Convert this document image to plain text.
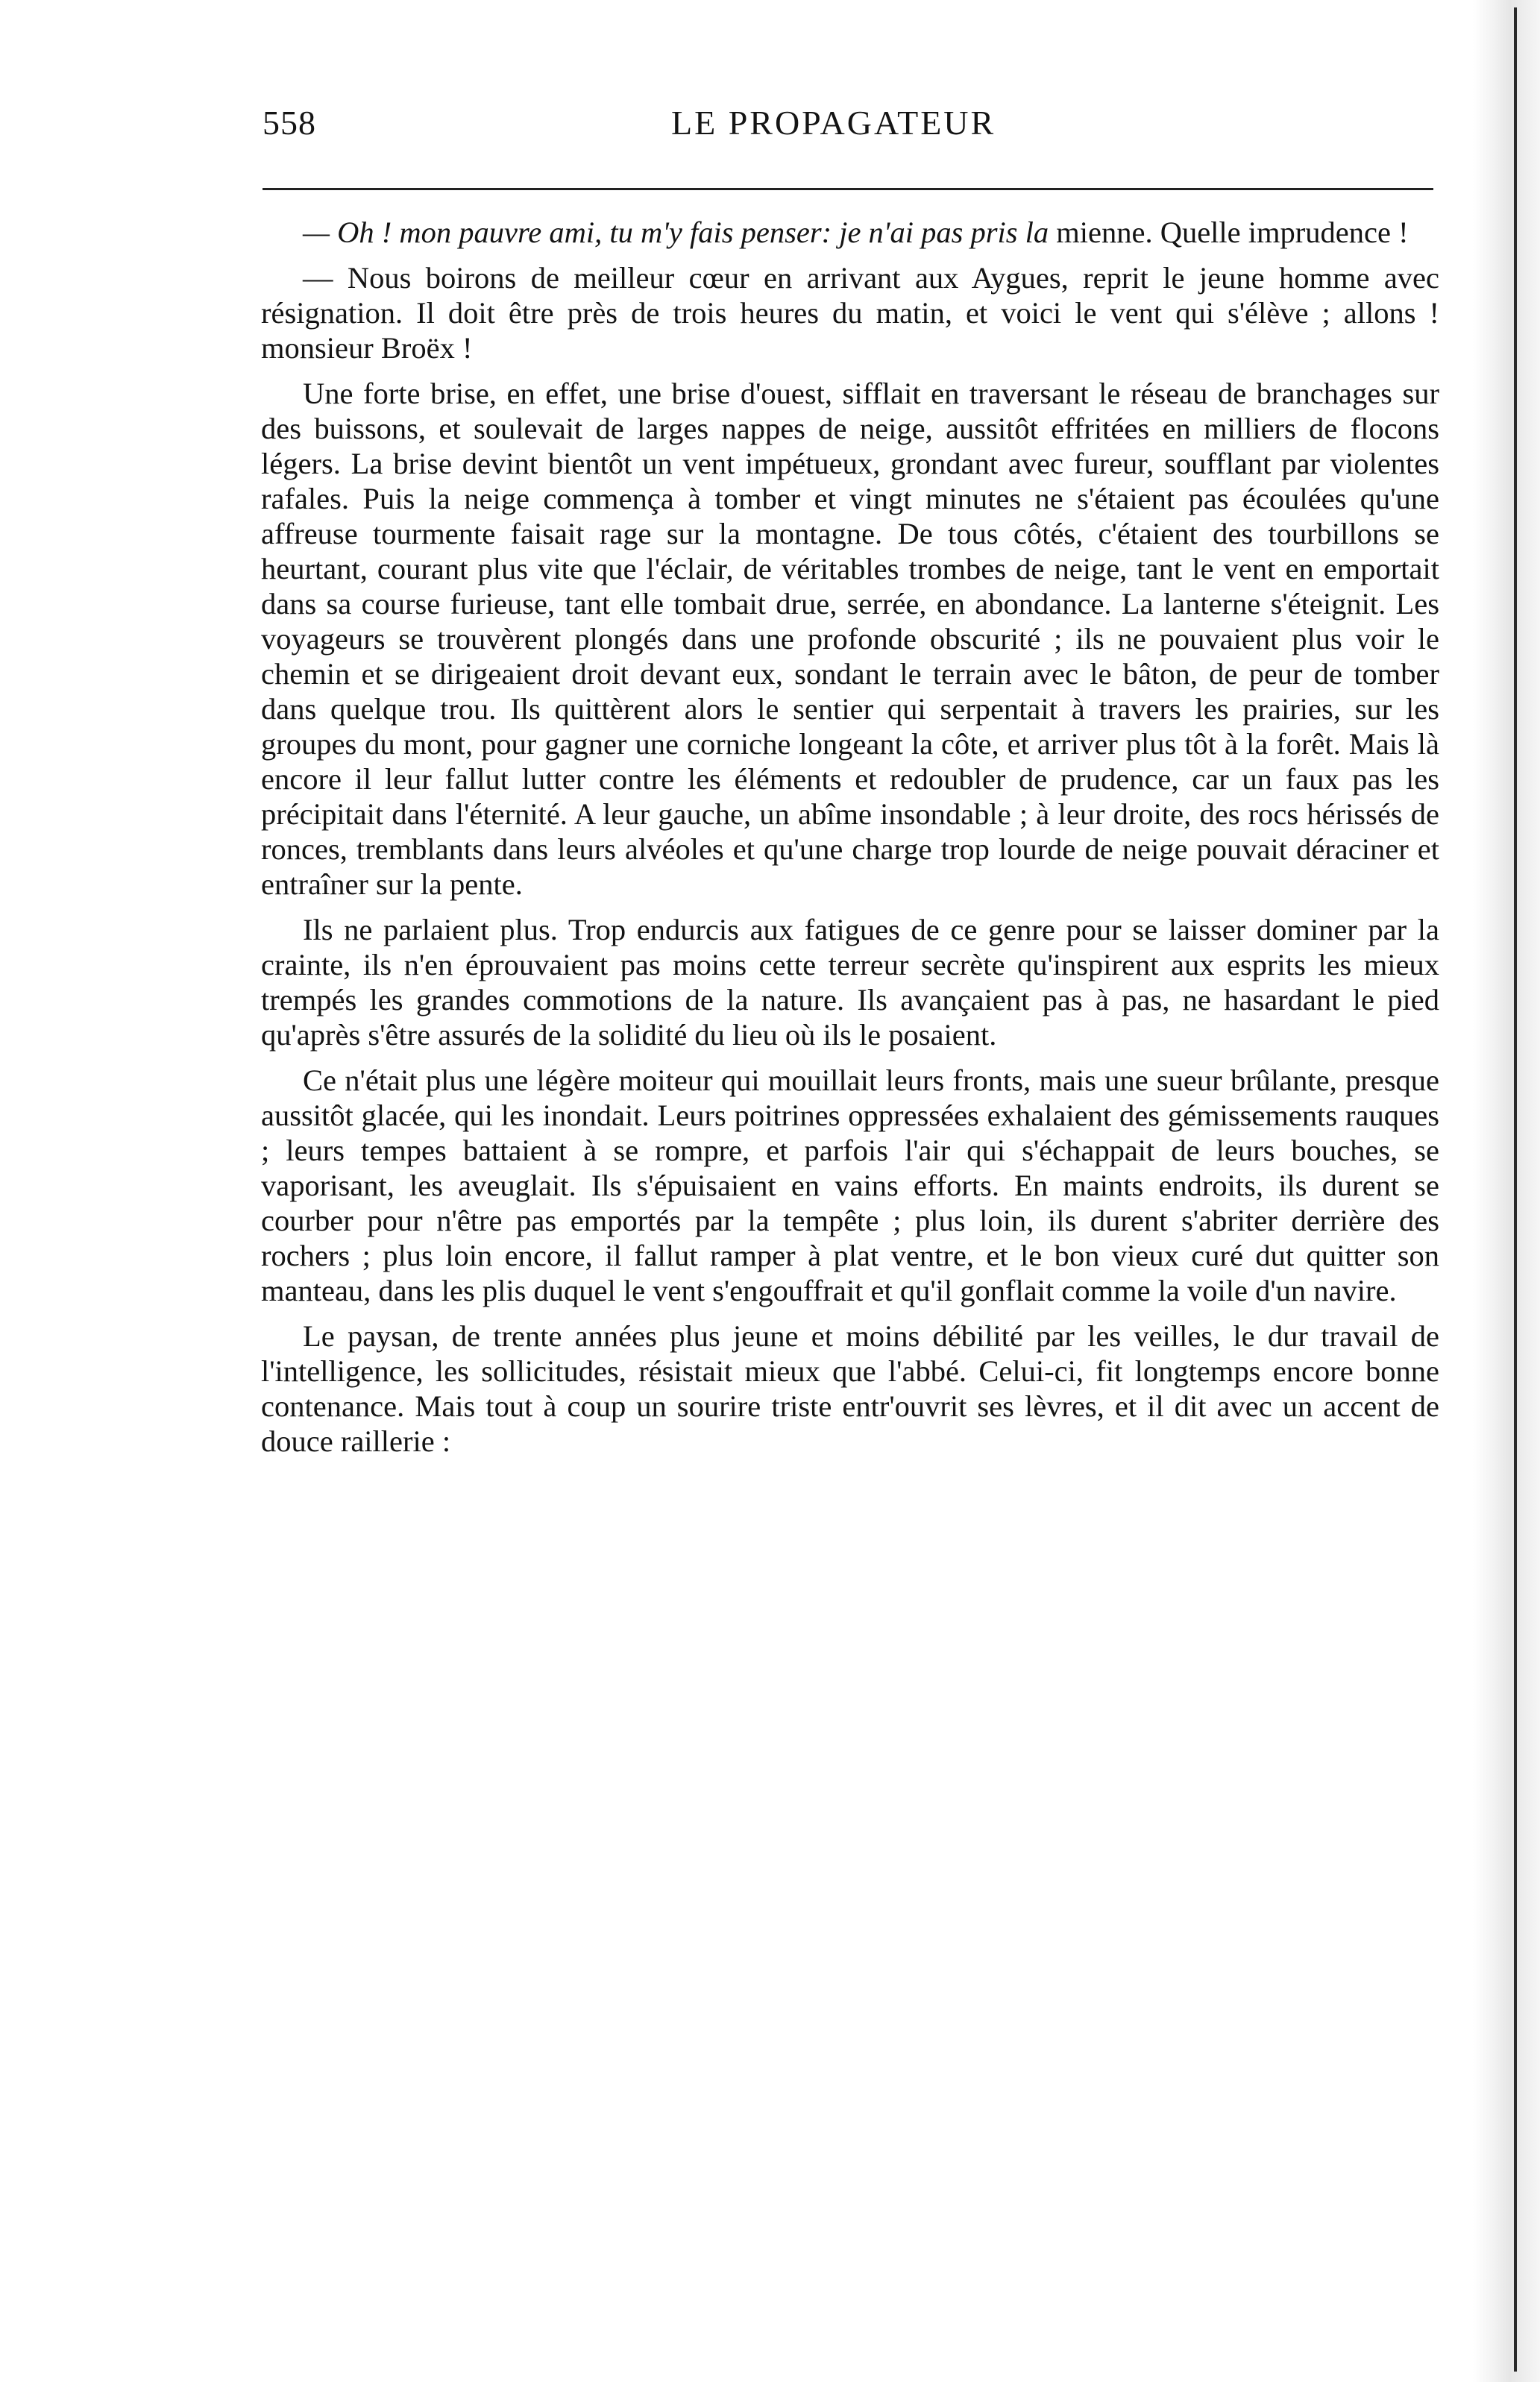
558	LE PROPAGATEUR

— Oh ! mon pauvre ami, tu m'y fais penser: je n'ai pas pris la mienne. Quelle imprudence !

— Nous boirons de meilleur cœur en arrivant aux Aygues, reprit le jeune homme avec résignation. Il doit être près de trois heures du matin, et voici le vent qui s'élève ; allons ! monsieur Broëx !

Une forte brise, en effet, une brise d'ouest, sifflait en traversant le réseau de branchages sur des buissons, et soulevait de larges nappes de neige, aussitôt effritées en milliers de flocons légers. La brise devint bientôt un vent impétueux, grondant avec fureur, soufflant par violentes rafales. Puis la neige commença à tomber et vingt minutes ne s'étaient pas écoulées qu'une affreuse tourmente faisait rage sur la montagne. De tous côtés, c'étaient des tourbillons se heurtant, courant plus vite que l'éclair, de véritables trombes de neige, tant le vent en emportait dans sa course furieuse, tant elle tombait drue, serrée, en abondance. La lanterne s'éteignit. Les voyageurs se trouvèrent plongés dans une profonde obscurité ; ils ne pouvaient plus voir le chemin et se dirigeaient droit devant eux, sondant le terrain avec le bâton, de peur de tomber dans quelque trou. Ils quittèrent alors le sentier qui serpentait à travers les prairies, sur les groupes du mont, pour gagner une corniche longeant la côte, et arriver plus tôt à la forêt. Mais là encore il leur fallut lutter contre les éléments et redoubler de prudence, car un faux pas les précipitait dans l'éternité. A leur gauche, un abîme insondable ; à leur droite, des rocs hérissés de ronces, tremblants dans leurs alvéoles et qu'une charge trop lourde de neige pouvait déraciner et entraîner sur la pente.

Ils ne parlaient plus. Trop endurcis aux fatigues de ce genre pour se laisser dominer par la crainte, ils n'en éprouvaient pas moins cette terreur secrète qu'inspirent aux esprits les mieux trempés les grandes commotions de la nature. Ils avançaient pas à pas, ne hasardant le pied qu'après s'être assurés de la solidité du lieu où ils le posaient.

Ce n'était plus une légère moiteur qui mouillait leurs fronts, mais une sueur brûlante, presque aussitôt glacée, qui les inondait. Leurs poitrines oppressées exhalaient des gémissements rauques ; leurs tempes battaient à se rompre, et parfois l'air qui s'échappait de leurs bouches, se vaporisant, les aveuglait. Ils s'épuisaient en vains efforts. En maints endroits, ils durent se courber pour n'être pas emportés par la tempête ; plus loin, ils durent s'abriter derrière des rochers ; plus loin encore, il fallut ramper à plat ventre, et le bon vieux curé dut quitter son manteau, dans les plis duquel le vent s'engouffrait et qu'il gonflait comme la voile d'un navire.

Le paysan, de trente années plus jeune et moins débilité par les veilles, le dur travail de l'intelligence, les sollicitudes, résistait mieux que l'abbé. Celui-ci, fit longtemps encore bonne contenance. Mais tout à coup un sourire triste entr'ouvrit ses lèvres, et il dit avec un accent de douce raillerie :
